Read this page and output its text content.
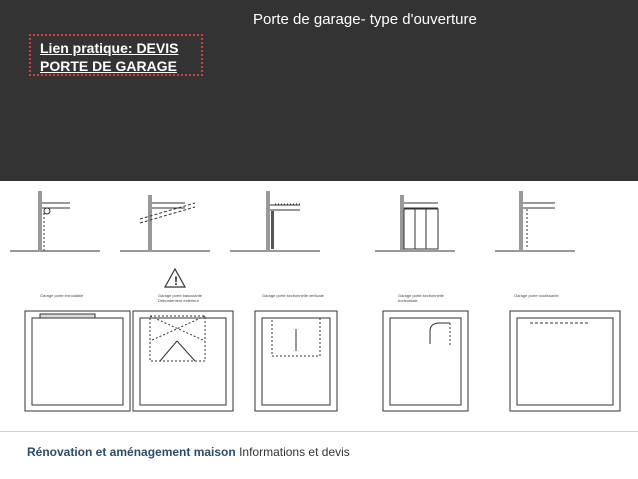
Porte de garage- type d'ouverture
Lien pratique: DEVIS
PORTE DE GARAGE
!
Garage porte enroulable	Garage porte basculante
Débordement extérieur
Garage porte sectionnelle verticale	Garage porte sectionnelle
horizontale
Garage porte coulissante
Rénovation et aménagement maison Informations et devis
